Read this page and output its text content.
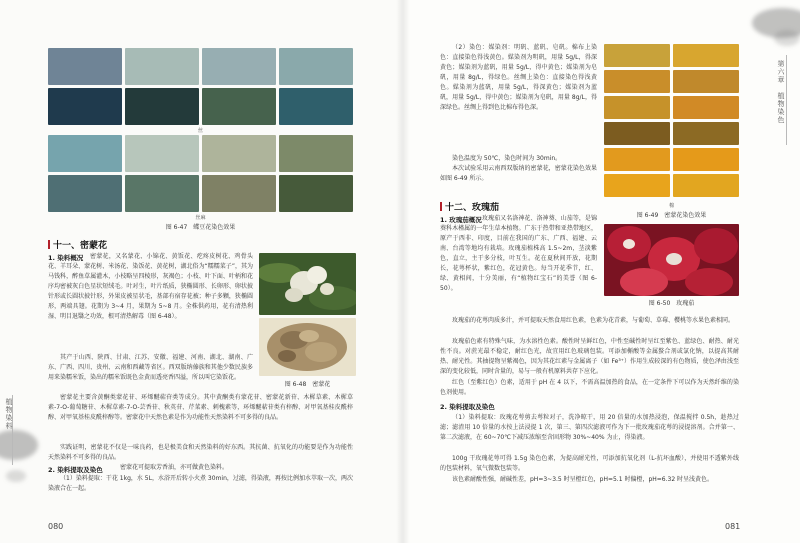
植物染料
丝
丝麻
图 6-47　蝶豆花染色效果
十一、密蒙花
1. 染料概况	密蒙花，又名蒙花、小锦花、黄饭花、疙疼皮树花、鸡骨头花、羊耳朵、蒙花树、米汤花、染饭花、黄花树，湖北俗为“糯糯菜子”，其为马钱科，醉鱼草属灌木，小枝略呈四棱形，灰褐色；小枝、叶下面、叶柄和花序均密被灰白色星状短绒毛。叶对生，叶片纸质，狭椭圆形、长卵形、卵状披针形或长圆状披针形，外果皮被星状毛，基部有宿存花被；种子多颗，狭椭圆形，两端具翅。花期为 3~4 月，果期为 5~8 月。全株供药用，花有清热利湿、明目退翳之功效，根可清热解毒（图 6-48）。
图 6-48　密蒙花
其产于山西、陕西、甘肃、江苏、安徽、福建、河南、湖北、湖南、广东、广西、四川、贵州、云南和西藏等省区。西双版纳傣族和其他少数民族多用来染糯米饭，染出的糯米饭既色金黄而透亮香四溢，所以叫它染饭花。
密蒙花主要含黄酮类蒙花苷、环烯醚萜苷类等成分。其中黄酮类有蒙花苷、密蒙花新苷、木樨草素、木樨草素-7-O-葡萄糖苷、木樨草素-7-O-芸香苷、秋英苷、芹菜素、刺槐素等，环烯醚萜苷类有梓醇、对甲氧基桂皮酰梓醇、对甲氧基桂皮酰梓醇等。密蒙花中天然色素是作为功能性天然染料不可多得的良品。
实践证明，密蒙花不仅是一味良药，也是极美食和天然染料的好东西。其抗菌、抗氧化的功能要是作为功能性天然染料不可多得的良品。
2. 染料提取及染色	密蒙花可提取芳香油，亦可做黄色染料。
（1）染料提取：干花 1kg，水 5L，水浴开后转小火煮 30min，过滤，得染液，再按比例加水萃取一次，两次染液合在一起。
080
第六章　植物染色
（2）染色：媒染剂：明矾、蓝矾、皂矾。棉布上染色：直接染色得浅黄色。媒染剂为明矾，用量 5g/L，得深黄色；媒染剂为蓝矾，用量 5g/L，得中黄色；媒染剂为皂矾，用量 8g/L，得绿色。丝绸上染色：直接染色得浅黄色。媒染剂为蓝矾，用量 5g/L，得深黄色；媒染剂为蓝矾，用量 5g/L，得中黄色；媒染剂为皂矾，用量 8g/L，得深绿色。丝绸上得到色比棉布得色深。
染色温度为 50℃，染色时间为 30min。
本次试验采用云南西双版纳的密蒙花，密蒙花染色效果如图 6-49 所示。
棉
图 6-49　密蒙花染色效果
十二、玫瑰茄
1. 玫瑰茄概况 玫瑰茄又名洛神花、洛神葵、山茄等，是锦葵科木槿属的一年生草本植物。广东于热带和亚热带地区，原产于西非、印度，目前在我国的广东、广西、福建、云南、台湾等地均有栽培。玫瑰茄植株高 1.5~2m，茎淡紫色，直立，主干多分枝，叶互生。花在夏秋间开放，花期长，花萼杯状，紫红色，花冠黄色。每当开花季节，红、绿、黄相间，十分美丽，有“植物红宝石”的美誉（图 6-50）。
图 6-50　玫瑰茄
玫瑰茄的花萼肉质多汁，并可提取天然食用红色素，色素为花青素，与葡萄、草莓、樱桃等水果色素相同。
玫瑰茄色素有特殊气味，为水溶性色素。酸性时呈鲜红色，中性至碱性时呈红至紫色、蓝绿色、耐热、耐光性不良。对蔗光最不稳定，耐红色光，故宜用红色玻璃包装。可添加槲酸等金属螯合剂或氯化钠，以提高其耐热、耐光性。其抽提物呈紫褐色，因为其花红素与金属离子（如 Fe³⁺）作用生成较深的有色物质，使色泽由浅至深的变化较低，同时含量的，易与一般有机原料共存下应化。
红色（至紫红色）色素，适用于 pH 在 4 以下，不需高温加热的食品，在一定条件下可以作为天然纤维的染色剂使用。
2. 染料提取及染色
（1）染料提取：玫瑰花萼剪去萼粒对子，洗净晾干，用 20 倍量的水加热浸泡，保温搅拌 0.5h，趁热过滤；滤渣用 10 倍量的水按上法浸提 1 次，第三、第四次滤液可作为下一批玫瑰茄花萼的浸提溶剂。合并第一、第二次滤液，在 60~70℃下减压浓缩至含固形物 30%~40% 为止，得染液。
100g 干玫瑰花萼可得 1.5g 染色色素，为提高耐光性，可添加抗氧化剂（L-抗坏血酸），并使用不透紫外线的包装材料，氧气微数包装等。
该色素耐酸性强，耐碱性差，pH=3~3.5 时呈橙红色，pH=5.1 时偏橙，pH=6.32 时呈浅黄色。
081
